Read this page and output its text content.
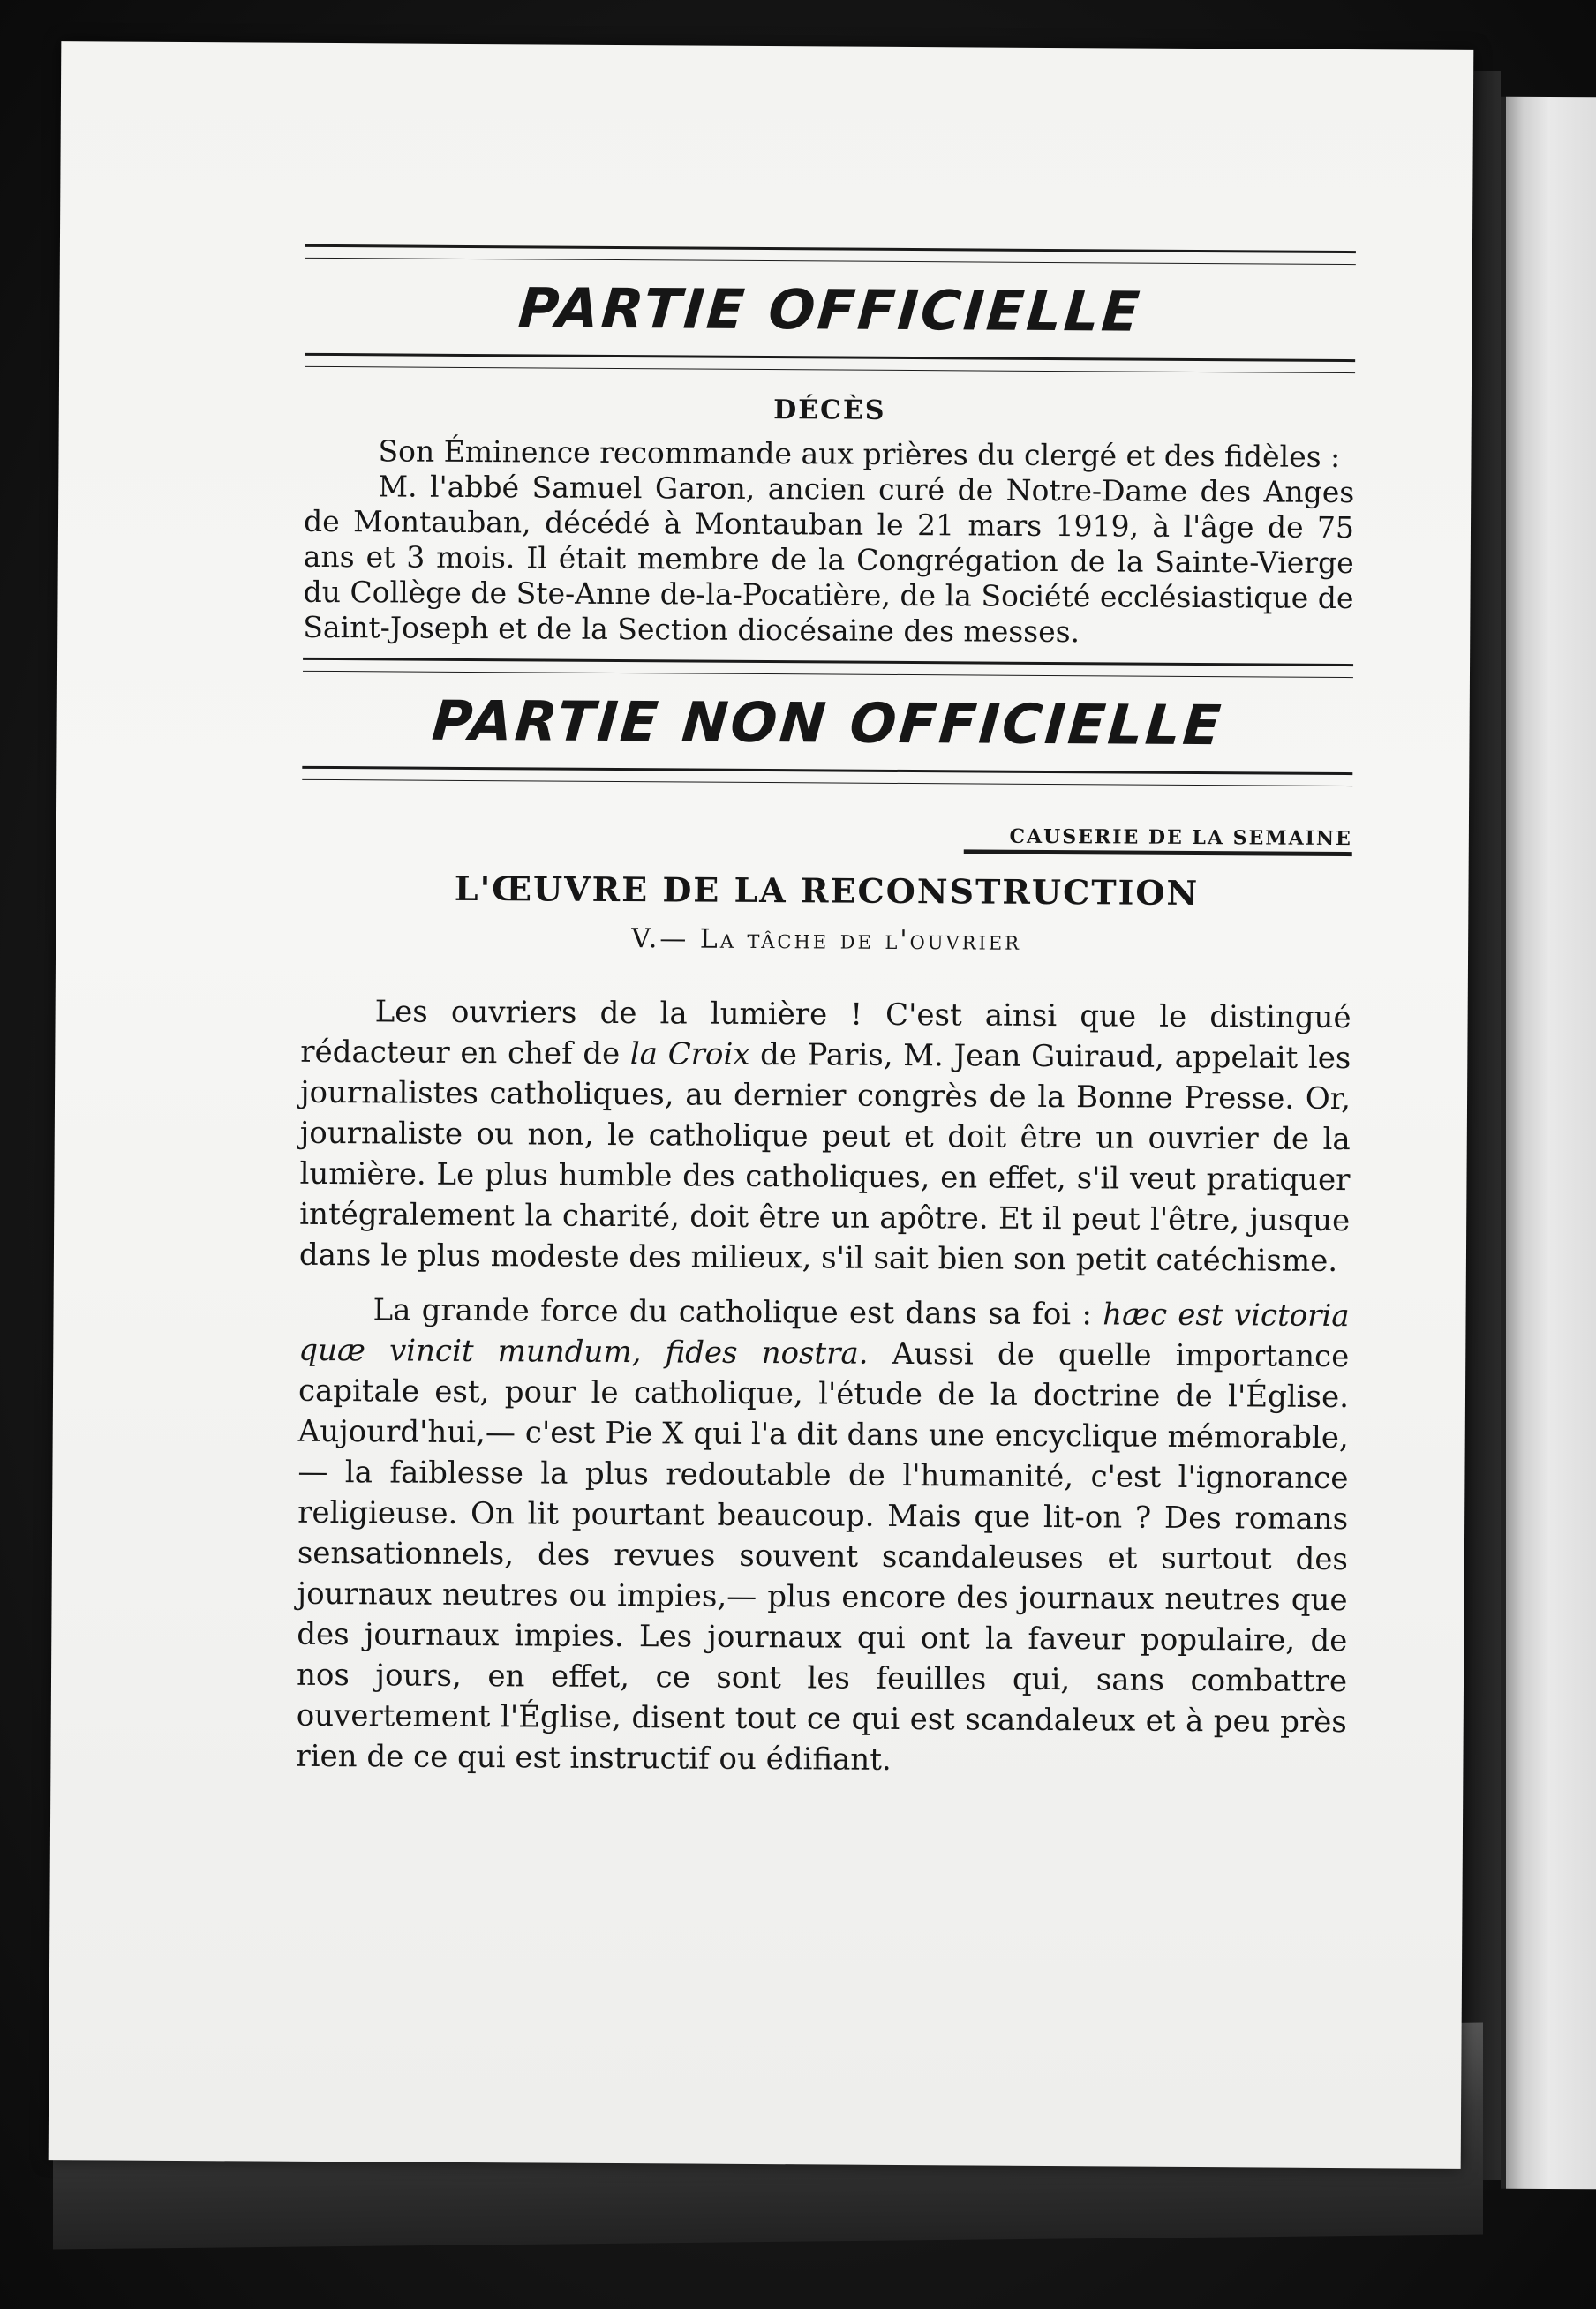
PARTIE OFFICIELLE
DÉCÈS

Son Éminence recommande aux prières du clergé et des fidèles :

M. l'abbé Samuel Garon, ancien curé de Notre-Dame des Anges de Montauban, décédé à Montauban le 21 mars 1919, à l'âge de 75 ans et 3 mois. Il était membre de la Congrégation de la Sainte-Vierge du Collège de Ste-Anne de-la-Pocatière, de la Société ecclésiastique de Saint-Joseph et de la Section diocésaine des messes.

PARTIE NON OFFICIELLE
CAUSERIE DE LA SEMAINE
L'ŒUVRE DE LA RECONSTRUCTION
V.— La tâche de l'ouvrier

Les ouvriers de la lumière ! C'est ainsi que le distingué rédacteur en chef de la Croix de Paris, M. Jean Guiraud, appelait les journalistes catholiques, au dernier congrès de la Bonne Presse. Or, journaliste ou non, le catholique peut et doit être un ouvrier de la lumière. Le plus humble des catholiques, en effet, s'il veut pratiquer intégralement la charité, doit être un apôtre. Et il peut l'être, jusque dans le plus modeste des milieux, s'il sait bien son petit catéchisme.

La grande force du catholique est dans sa foi : hæc est victoria quæ vincit mundum, fides nostra. Aussi de quelle importance capitale est, pour le catholique, l'étude de la doctrine de l'Église. Aujourd'hui,— c'est Pie X qui l'a dit dans une encyclique mémorable,— la faiblesse la plus redoutable de l'humanité, c'est l'ignorance religieuse. On lit pourtant beaucoup. Mais que lit-on ? Des romans sensationnels, des revues souvent scandaleuses et surtout des journaux neutres ou impies,— plus encore des journaux neutres que des journaux impies. Les journaux qui ont la faveur populaire, de nos jours, en effet, ce sont les feuilles qui, sans combattre ouvertement l'Église, disent tout ce qui est scandaleux et à peu près rien de ce qui est instructif ou édifiant.
